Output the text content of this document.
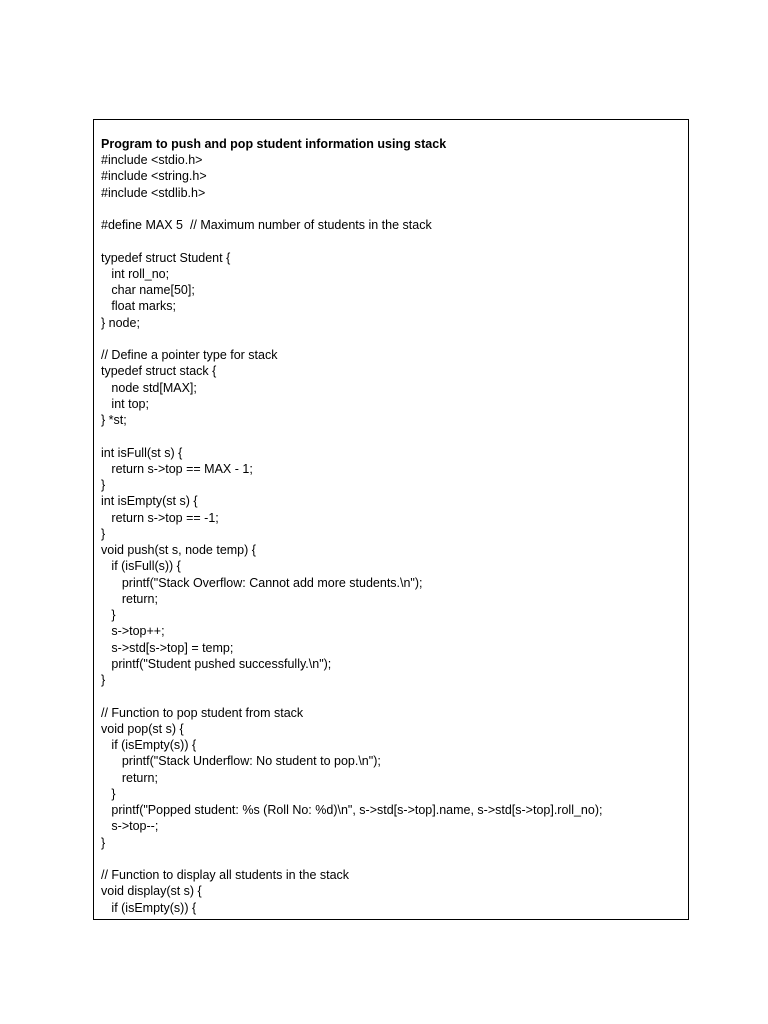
Program to push and pop student information using stack
#include <stdio.h>
#include <string.h>
#include <stdlib.h>
#define MAX 5  // Maximum number of students in the stack
typedef struct Student {
int roll_no;
char name[50];
float marks;
} node;
// Define a pointer type for stack
typedef struct stack {
node std[MAX];
int top;
} *st;
int isFull(st s) {
return s->top == MAX - 1;
}
int isEmpty(st s) {
return s->top == -1;
}
void push(st s, node temp) {
if (isFull(s)) {
printf("Stack Overflow: Cannot add more students.\n");
return;
}
s->top++;
s->std[s->top] = temp;
printf("Student pushed successfully.\n");
}
// Function to pop student from stack
void pop(st s) {
if (isEmpty(s)) {
printf("Stack Underflow: No student to pop.\n");
return;
}
printf("Popped student: %s (Roll No: %d)\n", s->std[s->top].name, s->std[s->top].roll_no);
s->top--;
}
// Function to display all students in the stack
void display(st s) {
if (isEmpty(s)) {
